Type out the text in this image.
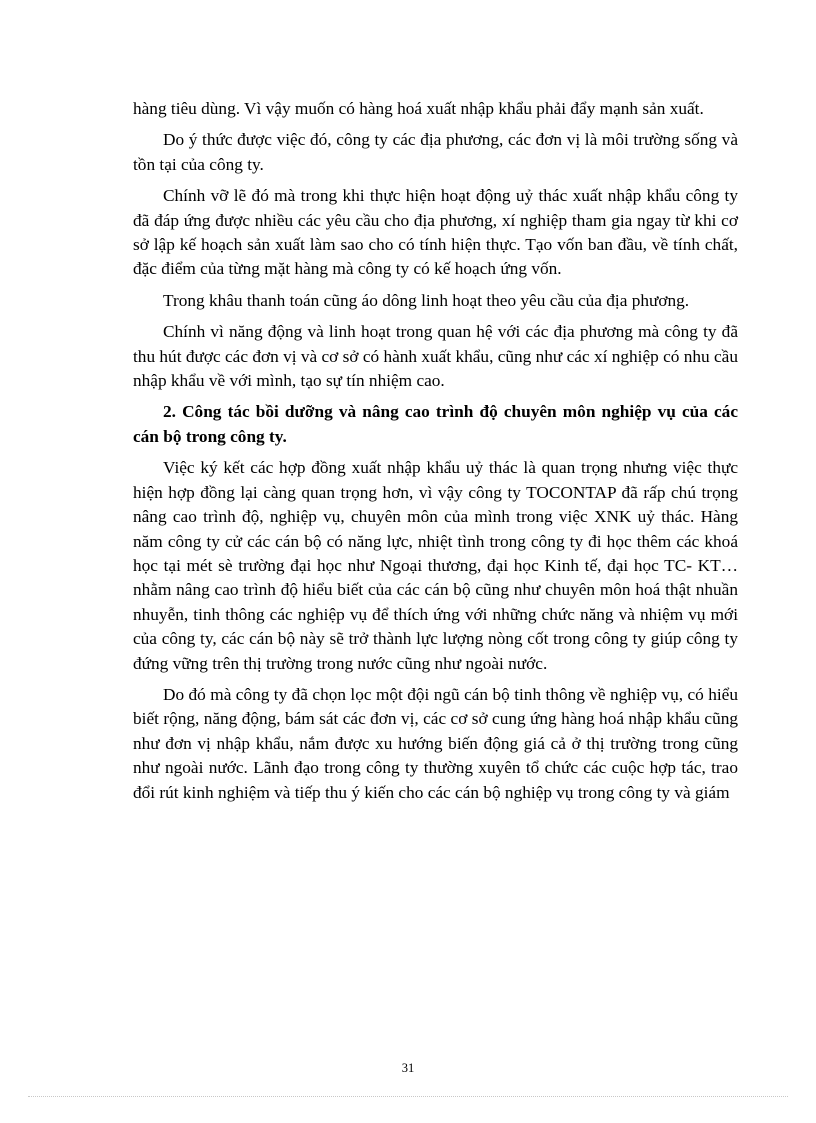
hàng tiêu dùng. Vì vậy muốn có hàng hoá xuất nhập khẩu phải đẩy mạnh sản xuất.

Do ý thức được việc đó, công ty các địa phương, các đơn vị là môi trường sống và tồn tại của công ty.

Chính vỡ lẽ đó mà trong khi thực hiện hoạt động uỷ thác xuất nhập khẩu công ty đã đáp ứng được nhiều các yêu cầu cho địa phương, xí nghiệp tham gia ngay từ khi cơ sở lập kế hoạch sản xuất làm sao cho có tính hiện thực. Tạo vốn ban đầu, về tính chất, đặc điểm của từng mặt hàng mà công ty có kế hoạch ứng vốn.

Trong khâu thanh toán cũng áo dông linh hoạt theo yêu cầu của địa phương.

Chính vì năng động và linh hoạt trong quan hệ với các địa phương mà công ty đã thu hút được các đơn vị và cơ sở có hành xuất khẩu, cũng như các xí nghiệp có nhu cầu nhập khẩu về với mình, tạo sự tín nhiệm cao.

2. Công tác bồi dưỡng và nâng cao trình độ chuyên môn nghiệp vụ của các cán bộ trong công ty.

Việc ký kết các hợp đồng xuất nhập khẩu uỷ thác là quan trọng nhưng việc thực hiện hợp đồng lại càng quan trọng hơn, vì vậy công ty TOCONTAP đã rấp chú trọng nâng cao trình độ, nghiệp vụ, chuyên môn của mình trong việc XNK uỷ thác. Hàng năm công ty cử các cán bộ có năng lực, nhiệt tình trong công ty đi học thêm các khoá học tại mét sè trường đại học như Ngoại thương, đại học Kinh tế, đại học TC- KT… nhằm nâng cao trình độ hiểu biết của các cán bộ cũng như chuyên môn hoá thật nhuần nhuyễn, tinh thông các nghiệp vụ để thích ứng với những chức năng và nhiệm vụ mới của công ty, các cán bộ này sẽ trở thành lực lượng nòng cốt trong công ty giúp công ty đứng vững trên thị trường trong nước cũng như ngoài nước.

Do đó mà công ty đã chọn lọc một đội ngũ cán bộ tinh thông về nghiệp vụ, có hiểu biết rộng, năng động, bám sát các đơn vị, các cơ sở cung ứng hàng hoá nhập khẩu cũng như đơn vị nhập khẩu, nắm được xu hướng biến động giá cả ở thị trường trong cũng như ngoài nước. Lãnh đạo trong công ty thường xuyên tổ chức các cuộc hợp tác, trao đổi rút kinh nghiệm và tiếp thu ý kiến cho các cán bộ nghiệp vụ trong công ty và giám

31
